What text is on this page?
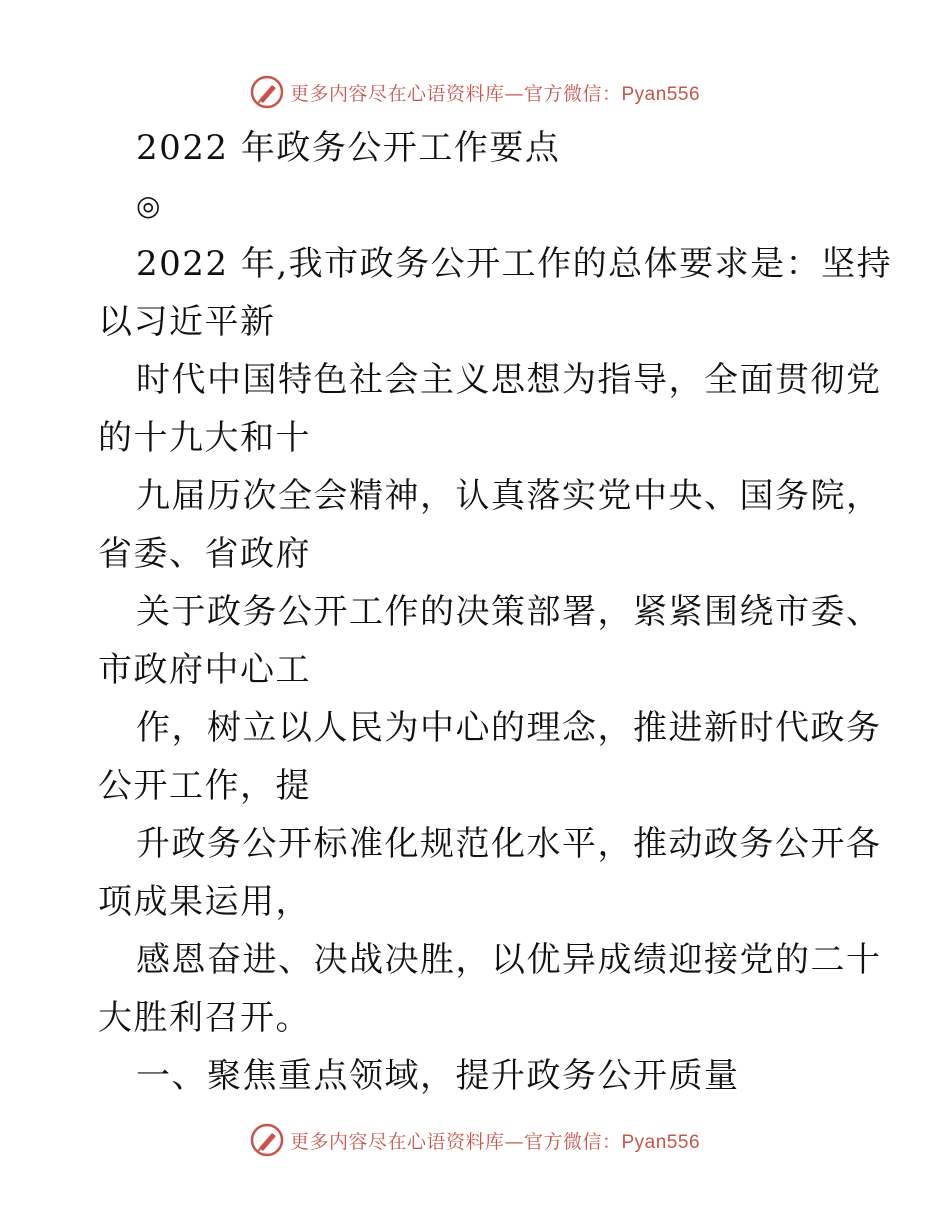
更多内容尽在心语资料库—官方微信：Pyan556
2022 年政务公开工作要点
◎
2022 年,我市政务公开工作的总体要求是：坚持
以习近平新
时代中国特色社会主义思想为指导，全面贯彻党
的十九大和十
九届历次全会精神，认真落实党中央、国务院，
省委、省政府
关于政务公开工作的决策部署，紧紧围绕市委、
市政府中心工
作，树立以人民为中心的理念，推进新时代政务
公开工作，提
升政务公开标准化规范化水平，推动政务公开各
项成果运用，
感恩奋进、决战决胜，以优异成绩迎接党的二十
大胜利召开。
一、聚焦重点领域，提升政务公开质量
更多内容尽在心语资料库—官方微信：Pyan556
